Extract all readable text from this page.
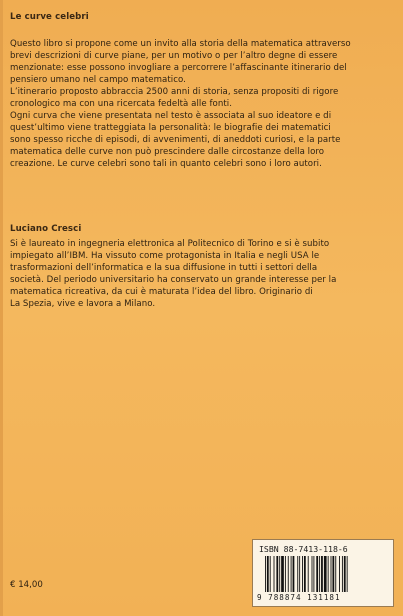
Le curve celebri
Questo libro si propone come un invito alla storia della matematica attraverso
brevi descrizioni di curve piane, per un motivo o per l’altro degne di essere
menzionate: esse possono invogliare a percorrere l’affascinante itinerario del
pensiero umano nel campo matematico.
L’itinerario proposto abbraccia 2500 anni di storia, senza propositi di rigore
cronologico ma con una ricercata fedeltà alle fonti.
Ogni curva che viene presentata nel testo è associata al suo ideatore e di
quest’ultimo viene tratteggiata la personalità: le biografie dei matematici
sono spesso ricche di episodi, di avvenimenti, di aneddoti curiosi, e la parte
matematica delle curve non può prescindere dalle circostanze della loro
creazione. Le curve celebri sono tali in quanto celebri sono i loro autori.
Luciano Cresci
Si è laureato in ingegneria elettronica al Politecnico di Torino e si è subito
impiegato all’IBM. Ha vissuto come protagonista in Italia e negli USA le
trasformazioni dell’informatica e la sua diffusione in tutti i settori della
società. Del periodo universitario ha conservato un grande interesse per la
matematica ricreativa, da cui è maturata l’idea del libro. Originario di
La Spezia, vive e lavora a Milano.
ISBN 88-7413-118-6
9 788874 131181
€ 14,00
